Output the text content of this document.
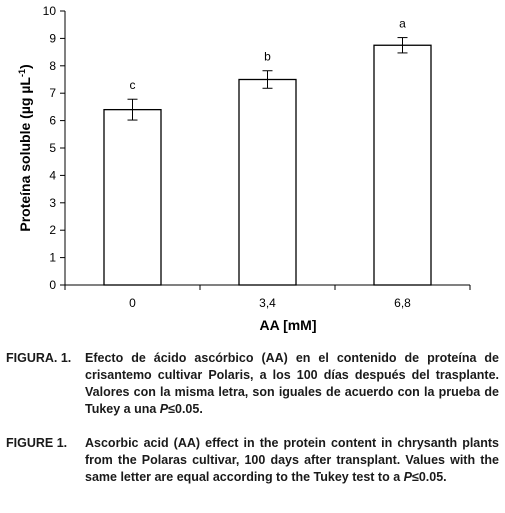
0
1
2
3
4
5
6
7
8
9
10
c
b
a
0	3,4	6,8
AA [mM]
Proteína soluble (µg µL$^{-1}$)
FIGURA. 1.	Efecto de ácido ascórbico (AA) en el contenido de proteína de crisantemo cultivar Polaris, a los 100 días después del trasplante. Valores con la misma letra, son iguales de acuerdo con la prueba de Tukey a una P≤0.05.
FIGURE 1.	Ascorbic acid (AA) effect in the protein content in chrysanth plants from the Polaras cultivar, 100 days after transplant. Values with the same letter are equal according to the Tukey test to a P≤0.05.
